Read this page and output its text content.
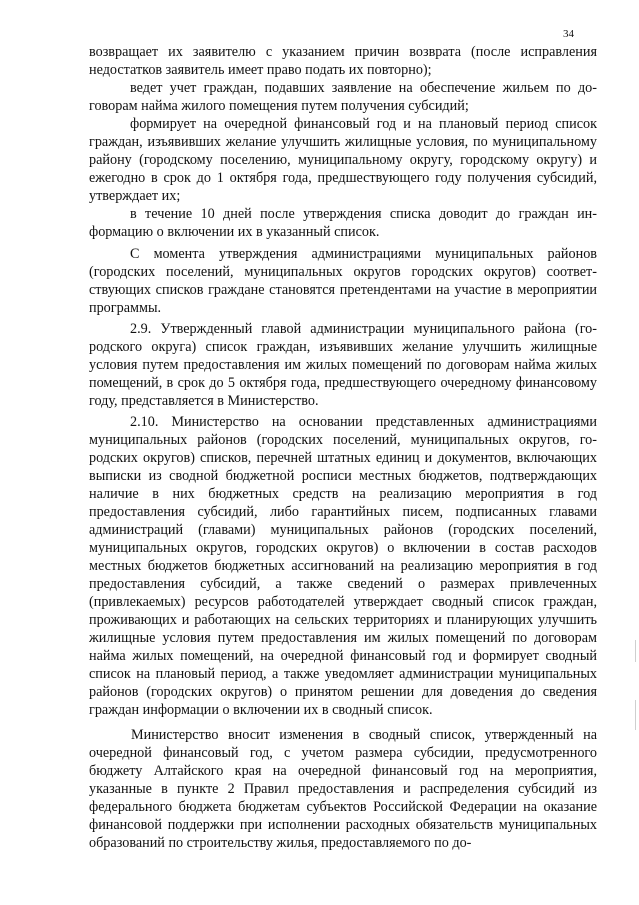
34

возвращает их заявителю с указанием причин возврата (после исправления недостатков заявитель имеет право подать их повторно);

ведет учет граждан, подавших заявление на обеспечение жильем по договорам найма жилого помещения путем получения субсидий;

формирует на очередной финансовый год и на плановый период список граждан, изъявивших желание улучшить жилищные условия, по муниципальному району (городскому поселению, муниципальному округу, городскому округу) и ежегодно в срок до 1 октября года, предшествующего году получения субсидий, утверждает их;

в течение 10 дней после утверждения списка доводит до граждан информацию о включении их в указанный список.

С момента утверждения администрациями муниципальных районов (городских поселений, муниципальных округов городских округов) соответствующих списков граждане становятся претендентами на участие в мероприятии программы.

2.9. Утвержденный главой администрации муниципального района (городского округа) список граждан, изъявивших желание улучшить жилищные условия путем предоставления им жилых помещений по договорам найма жилых помещений, в срок до 5 октября года, предшествующего очередному финансовому году, представляется в Министерство.

2.10. Министерство на основании представленных администрациями муниципальных районов (городских поселений, муниципальных округов, городских округов) списков, перечней штатных единиц и документов, включающих выписки из сводной бюджетной росписи местных бюджетов, подтверждающих наличие в них бюджетных средств на реализацию мероприятия в год предоставления субсидий, либо гарантийных писем, подписанных главами администраций (главами) муниципальных районов (городских поселений, муниципальных округов, городских округов) о включении в состав расходов местных бюджетов бюджетных ассигнований на реализацию мероприятия в год предоставления субсидий, а также сведений о размерах привлеченных (привлекаемых) ресурсов работодателей утверждает сводный список граждан, проживающих и работающих на сельских территориях и планирующих улучшить жилищные условия путем предоставления им жилых помещений по договорам найма жилых помещений, на очередной финансовый год и формирует сводный список на плановый период, а также уведомляет администрации муниципальных районов (городских округов) о принятом решении для доведения до сведения граждан информации о включении их в сводный список.

Министерство вносит изменения в сводный список, утвержденный на очередной финансовый год, с учетом размера субсидии, предусмотренного бюджету Алтайского края на очередной финансовый год на мероприятия, указанные в пункте 2 Правил предоставления и распределения субсидий из федерального бюджета бюджетам субъектов Российской Федерации на оказание финансовой поддержки при исполнении расходных обязательств муниципальных образований по строительству жилья, предоставляемого по до-
